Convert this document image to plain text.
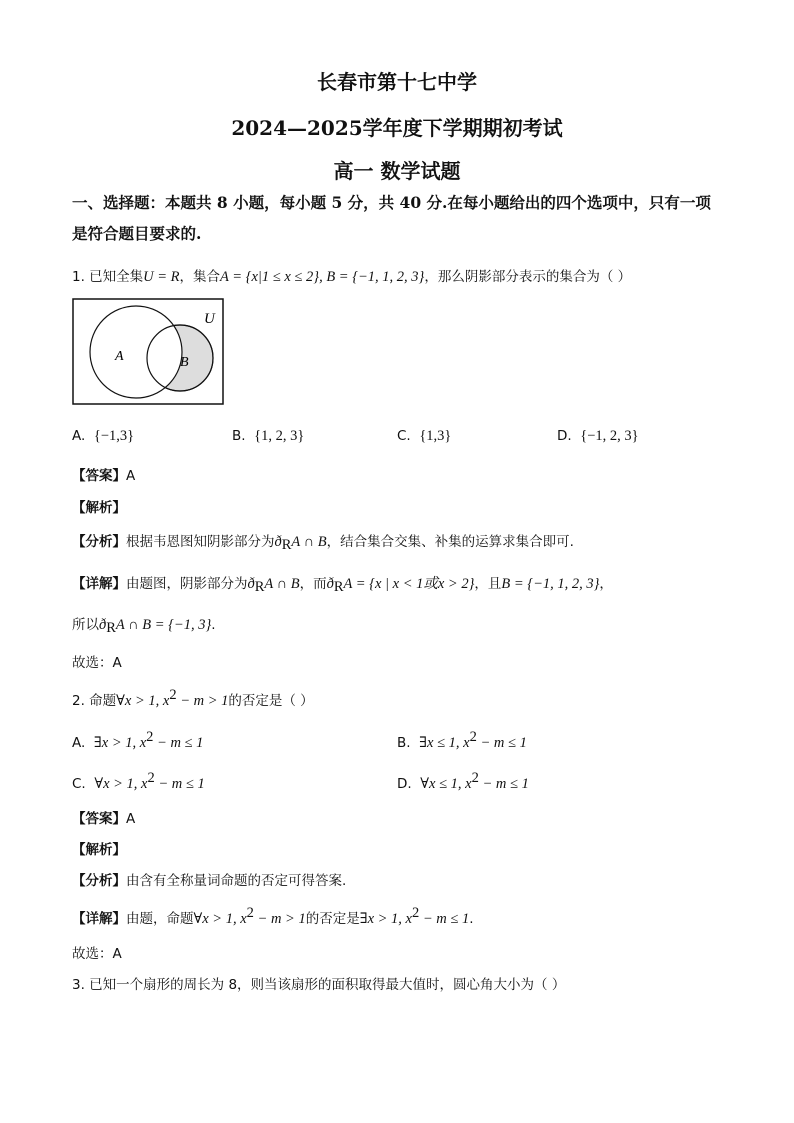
长春市第十七中学
2024—2025学年度下学期期初考试
高一 数学试题
一、选择题：本题共 8 小题，每小题 5 分，共 40 分.在每小题给出的四个选项中，只有一项
是符合题目要求的.
1. 已知全集U = R，集合A = {x|1 ≤ x ≤ 2}, B = {−1, 1, 2, 3}，那么阴影部分表示的集合为（ ）
U
A	B
A. {−1,3}	B. {1, 2, 3}	C. {1,3}	D. {−1, 2, 3}
【答案】A
【解析】
【分析】根据韦恩图知阴影部分为$ð_RA$ ∩ B，结合集合交集、补集的运算求集合即可.
【详解】由题图，阴影部分为$ð_RA$ ∩ B，而$ð_RA = \{x$ | x < 1或x > 2}，且B = {−1, 1, 2, 3}，
所以$ð_RA$ ∩ B = {−1, 3}.
故选：A
2. 命题∀x > 1, $x^2 - m > 1$的否定是（ ）
A. ∃x > 1, $x^2 - m \le 1$	B. ∃x ≤ 1, $x^2 - m \le 1$
C. ∀x > 1, $x^2 - m \le 1$	D. ∀x ≤ 1, $x^2 - m \le 1$
【答案】A
【解析】
【分析】由含有全称量词命题的否定可得答案.
【详解】由题，命题∀x > 1, $x^2 - m > 1$的否定是∃x > 1, $x^2 - m \le 1$.
故选：A
3. 已知一个扇形的周长为 8，则当该扇形的面积取得最大值时，圆心角大小为（ ）
